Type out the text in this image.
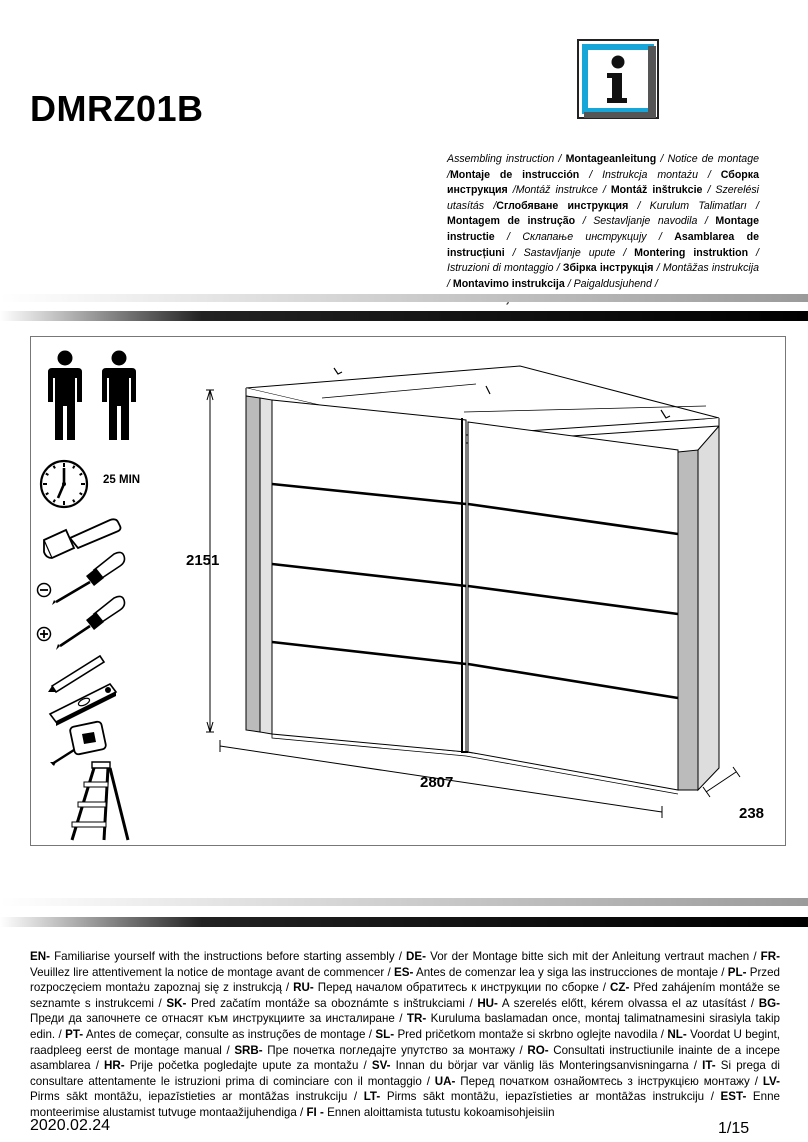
DMRZ01B
Assembling instruction / Montageanleitung / Notice de montage /Montaje de instrucción / Instrukcja montażu / Сборка инструкция /Montáž instrukce / Montáž inštrukcie / Szerelési utasítás /Сглобяване инструкция / Kurulum Talimatları / Montagem de instrução / Sestavljanje navodila / Montage instructie / Склапање инструкцију / Asamblarea de instrucțiuni / Sastavljanje upute / Montering instruktion / Istruzioni di montaggio / Збірка інструкція / Montāžas instrukcija / Montavimo instrukcija / Paigaldusjuhend /
25 MIN
2151
2807
238
EN- Familiarise yourself with the instructions before starting assembly / DE- Vor der Montage bitte sich mit der Anleitung vertraut machen / FR- Veuillez lire attentivement la notice de montage avant de commencer / ES- Antes de comenzar lea y siga las instrucciones de montaje / PL- Przed rozpoczęciem montażu zapoznaj się z instrukcją / RU- Перед началом обратитесь к инструкции по сборке / CZ- Před zahájením montáže se seznamte s instrukcemi / SK- Pred začatím montáže sa oboznámte s inštrukciami / HU- A szerelés előtt, kérem olvassa el az utasítást / BG- Преди да започнете се отнасят към инструкциите за инсталиране / TR- Kuruluma baslamadan once, montaj talimatnamesini sirasiyla takip edin. / PT- Antes de começar, consulte as instruções de montage / SL- Pred pričetkom montaže si skrbno oglejte navodila / NL- Voordat U begint, raadpleeg eerst de montage manual / SRB- Пре почетка погледајте упутство за монтажу / RO- Consultati instructiunile inainte de a incepe asamblarea / HR- Prije početka pogledajte upute za montažu / SV- Innan du börjar var vänlig läs Monteringsanvisningarna / IT- Si prega di consultare attentamente le istruzioni prima di cominciare con il montaggio / UA- Перед початком ознайомтесь з інструкцією монтажу / LV- Pirms sākt montāžu, iepazīstieties ar montāžas instrukciju / LT- Pirms sākt montāžu, iepazīstieties ar montāžas instrukciju / EST- Enne monteerimise alustamist tutvuge montaažijuhendiga / FI - Ennen aloittamista tutustu kokoamisohjeisiin
2020.02.24	1/15
